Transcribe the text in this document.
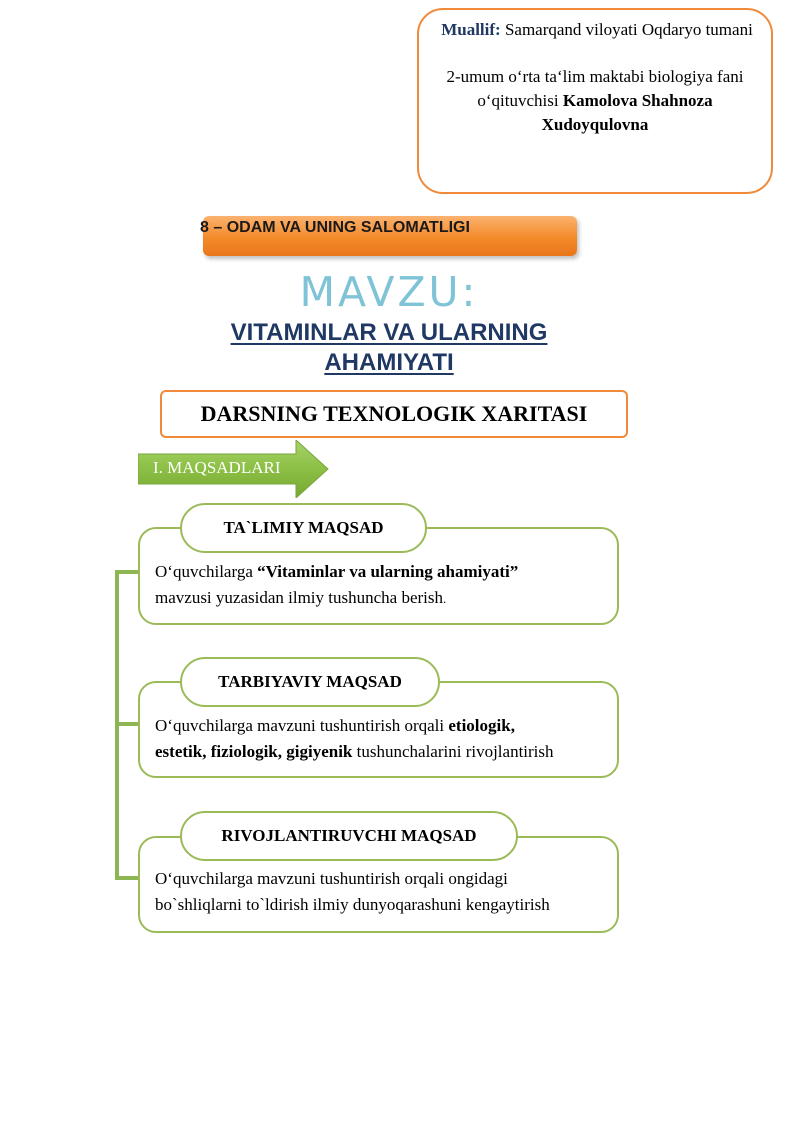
Muallif: Samarqand viloyati Oqdaryo tumani
2-umum o‘rta ta‘lim maktabi biologiya fani
o‘qituvchisi Kamolova Shahnoza
Xudoyqulovna
8 – ODAM VA UNING SALOMATLIGI
MAVZU:
VITAMINLAR VA ULARNING
AHAMIYATI
DARSNING TEXNOLOGIK XARITASI
I. MAQSADLARI
O‘quvchilarga “Vitaminlar va ularning ahamiyati”
mavzusi yuzasidan ilmiy tushuncha berish.
TA`LIMIY MAQSAD
O‘quvchilarga mavzuni tushuntirish orqali etiologik,
estetik, fiziologik, gigiyenik tushunchalarini rivojlantirish
TARBIYAVIY MAQSAD
O‘quvchilarga mavzuni tushuntirish orqali ongidagi
bo`shliqlarni to`ldirish ilmiy dunyoqarashuni kengaytirish
RIVOJLANTIRUVCHI MAQSAD
